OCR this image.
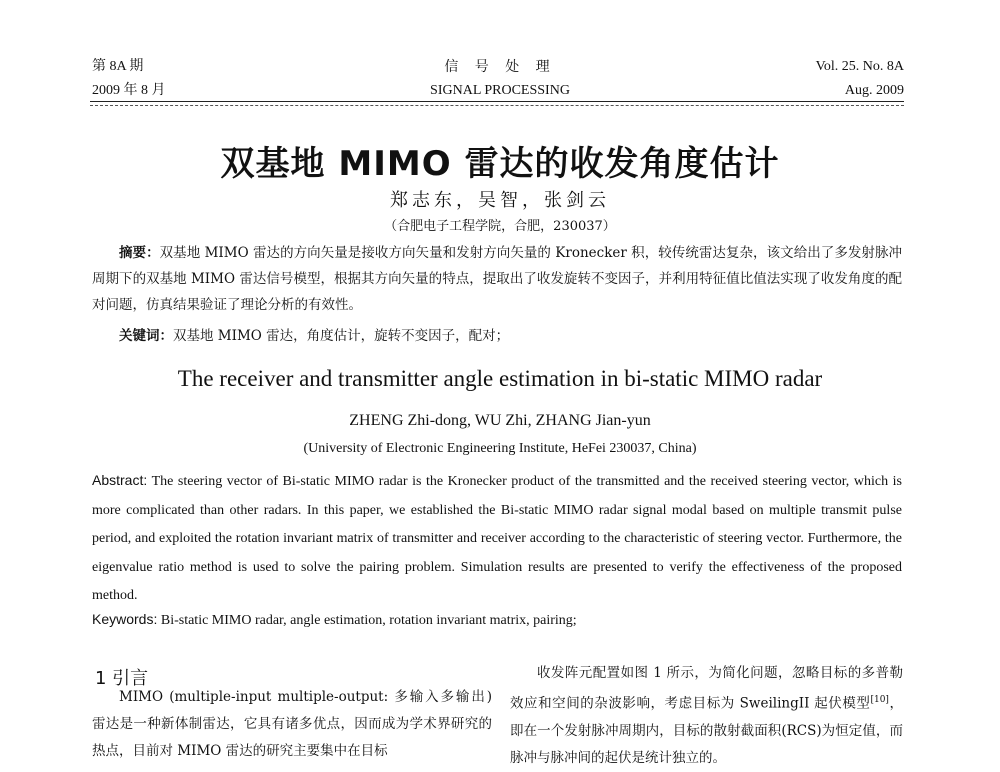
第 8A 期	信 号 处 理	Vol. 25. No. 8A
2009 年 8 月	SIGNAL PROCESSING	Aug. 2009
双基地 MIMO 雷达的收发角度估计
郑志东，吴智，张剑云
（合肥电子工程学院，合肥，230037）
摘要：双基地 MIMO 雷达的方向矢量是接收方向矢量和发射方向矢量的 Kronecker 积，较传统雷达复杂，该文给出了多发射脉冲周期下的双基地 MIMO 雷达信号模型，根据其方向矢量的特点，提取出了收发旋转不变因子，并利用特征值比值法实现了收发角度的配对问题，仿真结果验证了理论分析的有效性。
关键词：双基地 MIMO 雷达，角度估计，旋转不变因子，配对；
The receiver and transmitter angle estimation in bi-static MIMO radar
ZHENG Zhi-dong, WU Zhi, ZHANG Jian-yun
(University of Electronic Engineering Institute, HeFei 230037, China)
Abstract: The steering vector of Bi-static MIMO radar is the Kronecker product of the transmitted and the received steering vector, which is more complicated than other radars. In this paper, we established the Bi-static MIMO radar signal modal based on multiple transmit pulse period, and exploited the rotation invariant matrix of transmitter and receiver according to the characteristic of steering vector. Furthermore, the eigenvalue ratio method is used to solve the pairing problem. Simulation results are presented to verify the effectiveness of the proposed method.
Keywords: Bi-static MIMO radar, angle estimation, rotation invariant matrix, pairing;
1 引言
MIMO (multiple-input multiple-output: 多输入多输出) 雷达是一种新体制雷达，它具有诸多优点，因而成为学术界研究的热点，目前对 MIMO 雷达的研究主要集中在目标
收发阵元配置如图 1 所示，为简化问题，忽略目标的多普勒效应和空间的杂波影响，考虑目标为 SweilingII 起伏模型[10]，即在一个发射脉冲周期内，目标的散射截面积(RCS)为恒定值，而脉冲与脉冲间的起伏是统计独立的。
